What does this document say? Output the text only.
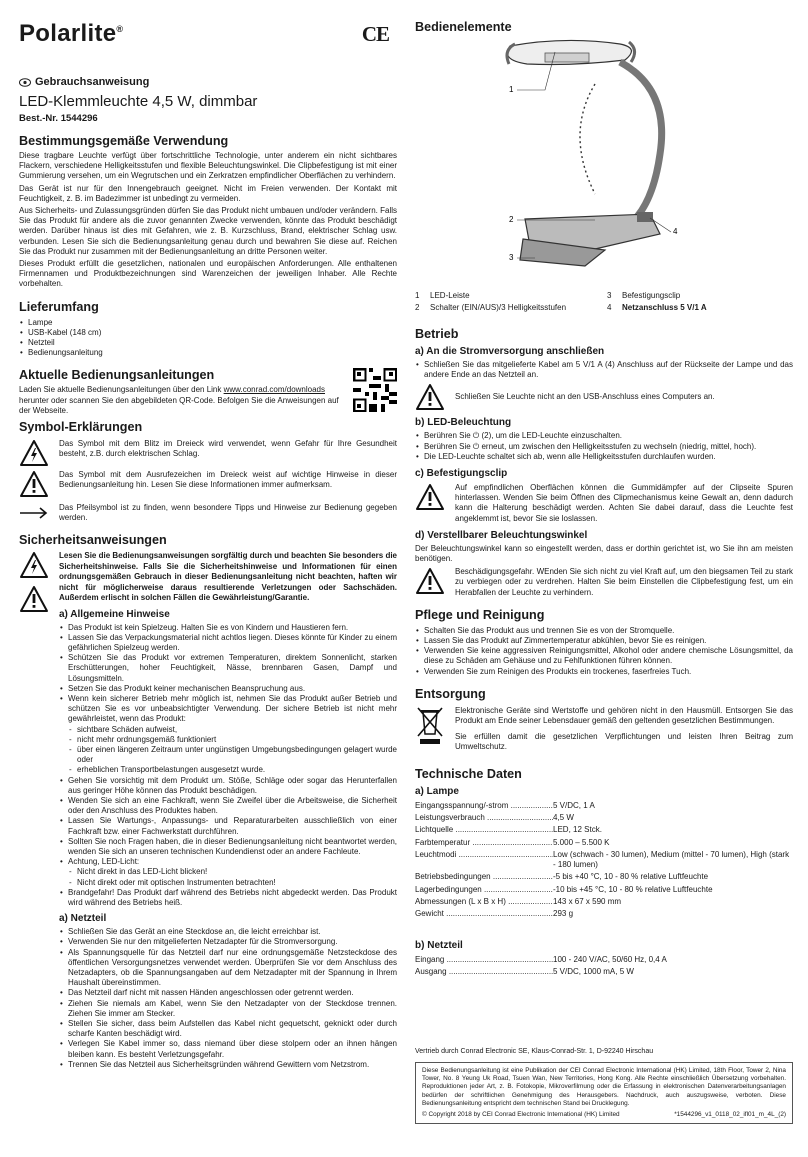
Polarlite®	CE
Gebrauchsanweisung
LED-Klemmleuchte 4,5 W, dimmbar
Best.-Nr. 1544296
Bestimmungsgemäße Verwendung
Diese tragbare Leuchte verfügt über fortschrittliche Technologie, unter anderem ein nicht sichtbares Flackern, verschiedene Helligkeitsstufen und flexible Beleuchtungswinkel. Die Clipbefestigung ist mit einer Gummierung versehen, um ein Wegrutschen und ein Zerkratzen empfindlicher Oberflächen zu verhindern.
Das Gerät ist nur für den Innengebrauch geeignet. Nicht im Freien verwenden. Der Kontakt mit Feuchtigkeit, z. B. im Badezimmer ist unbedingt zu vermeiden.
Aus Sicherheits- und Zulassungsgründen dürfen Sie das Produkt nicht umbauen und/oder verändern. Falls Sie das Produkt für andere als die zuvor genannten Zwecke verwenden, könnte das Produkt beschädigt werden. Darüber hinaus ist dies mit Gefahren, wie z. B. Kurzschluss, Brand, elektrischer Schlag usw. verbunden. Lesen Sie sich die Bedienungsanleitung genau durch und bewahren Sie diese auf. Reichen Sie das Produkt nur zusammen mit der Bedienungsanleitung an dritte Personen weiter.
Dieses Produkt erfüllt die gesetzlichen, nationalen und europäischen Anforderungen. Alle enthaltenen Firmennamen und Produktbezeichnungen sind Warenzeichen der jeweiligen Inhaber. Alle Rechte vorbehalten.
Lieferumfang
• Lampe
• USB-Kabel (148 cm)
• Netzteil
• Bedienungsanleitung
Aktuelle Bedienungsanleitungen
Laden Sie aktuelle Bedienungsanleitungen über den Link www.conrad.com/downloads herunter oder scannen Sie den abgebildeten QR-Code. Befolgen Sie die Anweisungen auf der Webseite.
Symbol-Erklärungen
Das Symbol mit dem Blitz im Dreieck wird verwendet, wenn Gefahr für Ihre Gesundheit besteht, z.B. durch elektrischen Schlag.
Das Symbol mit dem Ausrufezeichen im Dreieck weist auf wichtige Hinweise in dieser Bedienungsanleitung hin. Lesen Sie diese Informationen immer aufmerksam.
Das Pfeilsymbol ist zu finden, wenn besondere Tipps und Hinweise zur Bedienung gegeben werden.
Sicherheitsanweisungen
Lesen Sie die Bedienungsanweisungen sorgfältig durch und beachten Sie besonders die Sicherheitshinweise. Falls Sie die Sicherheitshinweise und Informationen für einen ordnungsgemäßen Gebrauch in dieser Bedienungsanleitung nicht beachten, haften wir nicht für möglicherweise daraus resultierende Verletzungen oder Sachschäden. Außerdem erlischt in solchen Fällen die Gewährleistung/Garantie.
a) Allgemeine Hinweise
• Das Produkt ist kein Spielzeug. Halten Sie es von Kindern und Haustieren fern.
• Lassen Sie das Verpackungsmaterial nicht achtlos liegen. Dieses könnte für Kinder zu einem gefährlichen Spielzeug werden.
• Schützen Sie das Produkt vor extremen Temperaturen, direktem Sonnenlicht, starken Erschütterungen, hoher Feuchtigkeit, Nässe, brennbaren Gasen, Dampf und Lösungsmitteln.
• Setzen Sie das Produkt keiner mechanischen Beanspruchung aus.
• Wenn kein sicherer Betrieb mehr möglich ist, nehmen Sie das Produkt außer Betrieb und schützen Sie es vor unbeabsichtigter Verwendung. Der sichere Betrieb ist nicht mehr gewährleistet, wenn das Produkt:
- sichtbare Schäden aufweist,
- nicht mehr ordnungsgemäß funktioniert
- über einen längeren Zeitraum unter ungünstigen Umgebungsbedingungen gelagert wurde oder
- erheblichen Transportbelastungen ausgesetzt wurde.
• Gehen Sie vorsichtig mit dem Produkt um. Stöße, Schläge oder sogar das Herunterfallen aus geringer Höhe können das Produkt beschädigen.
• Wenden Sie sich an eine Fachkraft, wenn Sie Zweifel über die Arbeitsweise, die Sicherheit oder den Anschluss des Produktes haben.
• Lassen Sie Wartungs-, Anpassungs- und Reparaturarbeiten ausschließlich von einer Fachkraft bzw. einer Fachwerkstatt durchführen.
• Sollten Sie noch Fragen haben, die in dieser Bedienungsanleitung nicht beantwortet werden, wenden Sie sich an unseren technischen Kundendienst oder an andere Fachleute.
• Achtung, LED-Licht:
- Nicht direkt in das LED-Licht blicken!
- Nicht direkt oder mit optischen Instrumenten betrachten!
• Brandgefahr! Das Produkt darf während des Betriebs nicht abgedeckt werden. Das Produkt wird während des Betriebs heiß.
a) Netzteil
• Schließen Sie das Gerät an eine Steckdose an, die leicht erreichbar ist.
• Verwenden Sie nur den mitgelieferten Netzadapter für die Stromversorgung.
• Als Spannungsquelle für das Netzteil darf nur eine ordnungsgemäße Netzsteckdose des öffentlichen Versorgungsnetzes verwendet werden. Überprüfen Sie vor dem Anschluss des Netzadapters, ob die Spannungsangaben auf dem Netzadapter mit der Spannung in Ihrem Haushalt übereinstimmen.
• Das Netzteil darf nicht mit nassen Händen angeschlossen oder getrennt werden.
• Ziehen Sie niemals am Kabel, wenn Sie den Netzadapter von der Steckdose trennen. Ziehen Sie immer am Stecker.
• Stellen Sie sicher, dass beim Aufstellen das Kabel nicht gequetscht, geknickt oder durch scharfe Kanten beschädigt wird.
• Verlegen Sie Kabel immer so, dass niemand über diese stolpern oder an ihnen hängen bleiben kann. Es besteht Verletzungsgefahr.
• Trennen Sie das Netzteil aus Sicherheitsgründen während Gewittern vom Netzstrom.
Bedienelemente
1
2
3
4
1 LED-Leiste	3 Befestigungsclip
2 Schalter (EIN/AUS)/3 Helligkeitsstufen	4 Netzanschluss 5 V/1 A
Betrieb
a) An die Stromversorgung anschließen
• Schließen Sie das mitgelieferte Kabel am 5 V/1 A (4) Anschluss auf der Rückseite der Lampe und das andere Ende an das Netzteil an.
Schließen Sie Leuchte nicht an den USB-Anschluss eines Computers an.
b) LED-Beleuchtung
• Berühren Sie ⏻ (2), um die LED-Leuchte einzuschalten.
• Berühren Sie ⏻ erneut, um zwischen den Helligkeitsstufen zu wechseln (niedrig, mittel, hoch).
• Die LED-Leuchte schaltet sich ab, wenn alle Helligkeitsstufen durchlaufen wurden.
c) Befestigungsclip
Auf empfindlichen Oberflächen können die Gummidämpfer auf der Clipseite Spuren hinterlassen. Wenden Sie beim Öffnen des Clipmechanismus keine Gewalt an, denn dadurch kann die Halterung beschädigt werden. Achten Sie dabei darauf, dass die Leuchte fest angeklemmt ist, bevor Sie sie loslassen.
d) Verstellbarer Beleuchtungswinkel
Der Beleuchtungswinkel kann so eingestellt werden, dass er dorthin gerichtet ist, wo Sie ihn am meisten benötigen.
Beschädigungsgefahr. WEnden Sie sich nicht zu viel Kraft auf, um den biegsamen Teil zu stark zu verbiegen oder zu verdrehen. Halten Sie beim Einstellen die Clipbefestigung fest, um ein Herabfallen der Leuchte zu verhindern.
Pflege und Reinigung
• Schalten Sie das Produkt aus und trennen Sie es von der Stromquelle.
• Lassen Sie das Produkt auf Zimmertemperatur abkühlen, bevor Sie es reinigen.
• Verwenden Sie keine aggressiven Reinigungsmittel, Alkohol oder andere chemische Lösungsmittel, da diese zu Schäden am Gehäuse und zu Fehlfunktionen führen können.
• Verwenden Sie zum Reinigen des Produkts ein trockenes, faserfreies Tuch.
Entsorgung
Elektronische Geräte sind Wertstoffe und gehören nicht in den Hausmüll. Entsorgen Sie das Produkt am Ende seiner Lebensdauer gemäß den geltenden gesetzlichen Bestimmungen.
Sie erfüllen damit die gesetzlichen Verpflichtungen und leisten Ihren Beitrag zum Umweltschutz.
Technische Daten
a) Lampe
Eingangsspannung/-strom .....	5 V/DC, 1 A
Leistungsverbrauch .....	4,5 W
Lichtquelle .....	LED, 12 Stck.
Farbtemperatur .....	5.000 – 5.500 K
Leuchtmodi .....	Low (schwach - 30 lumen), Medium (mittel - 70 lumen), High (stark - 180 lumen)
Betriebsbedingungen .....	-5 bis +40 °C, 10 - 80 % relative Luftfeuchte
Lagerbedingungen .....	-10 bis +45 °C, 10 - 80 % relative Luftfeuchte
Abmessungen (L x B x H) .....	143 x 67 x 590 mm
Gewicht .....	293 g
b) Netzteil
Eingang .....	100 - 240 V/AC, 50/60 Hz, 0,4 A
Ausgang .....	5 V/DC, 1000 mA, 5 W
Vertrieb durch Conrad Electronic SE, Klaus-Conrad-Str. 1, D-92240 Hirschau
Diese Bedienungsanleitung ist eine Publikation der CEI Conrad Electronic International (HK) Limited, 18th Floor, Tower 2, Nina Tower, No. 8 Yeung Uk Road, Tsuen Wan, New Territories, Hong Kong. Alle Rechte einschließlich Übersetzung vorbehalten. Reproduktionen jeder Art, z. B. Fotokopie, Mikroverfilmung oder die Erfassung in elektronischen Datenverarbeitungsanlagen bedürfen der schriftlichen Genehmigung des Herausgebers. Nachdruck, auch auszugsweise, verboten. Diese Bedienungsanleitung entspricht dem technischen Stand bei Drucklegung.
© Copyright 2018 by CEI Conrad Electronic International (HK) Limited	*1544296_v1_0118_02_ifl01_m_4L_(2)
